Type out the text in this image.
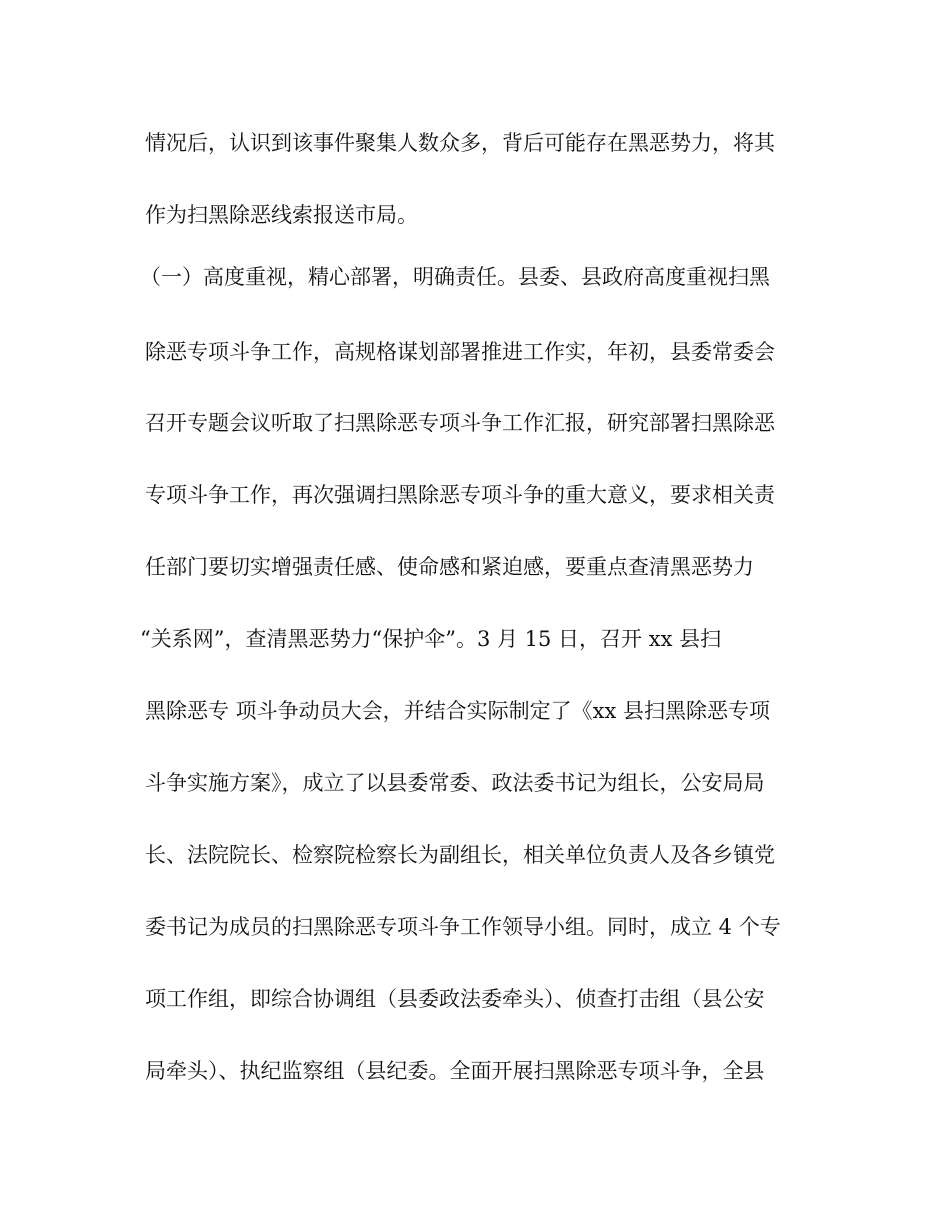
情况后，认识到该事件聚集人数众多，背后可能存在黑恶势力，将其
作为扫黑除恶线索报送市局。
（一）高度重视，精心部署，明确责任。县委、县政府高度重视扫黑
除恶专项斗争工作，高规格谋划部署推进工作实，年初，县委常委会
召开专题会议听取了扫黑除恶专项斗争工作汇报，研究部署扫黑除恶
专项斗争工作，再次强调扫黑除恶专项斗争的重大意义，要求相关责
任部门要切实增强责任感、使命感和紧迫感，要重点查清黑恶势力
“关系网”，查清黑恶势力“保护伞”。3 月 15 日，召开 xx 县扫
黑除恶专 项斗争动员大会，并结合实际制定了《xx 县扫黑除恶专项
斗争实施方案》，成立了以县委常委、政法委书记为组长，公安局局
长、法院院长、检察院检察长为副组长，相关单位负责人及各乡镇党
委书记为成员的扫黑除恶专项斗争工作领导小组。同时，成立 4 个专
项工作组，即综合协调组（县委政法委牵头）、侦查打击组（县公安
局牵头）、执纪监察组（县纪委。全面开展扫黑除恶专项斗争，全县
